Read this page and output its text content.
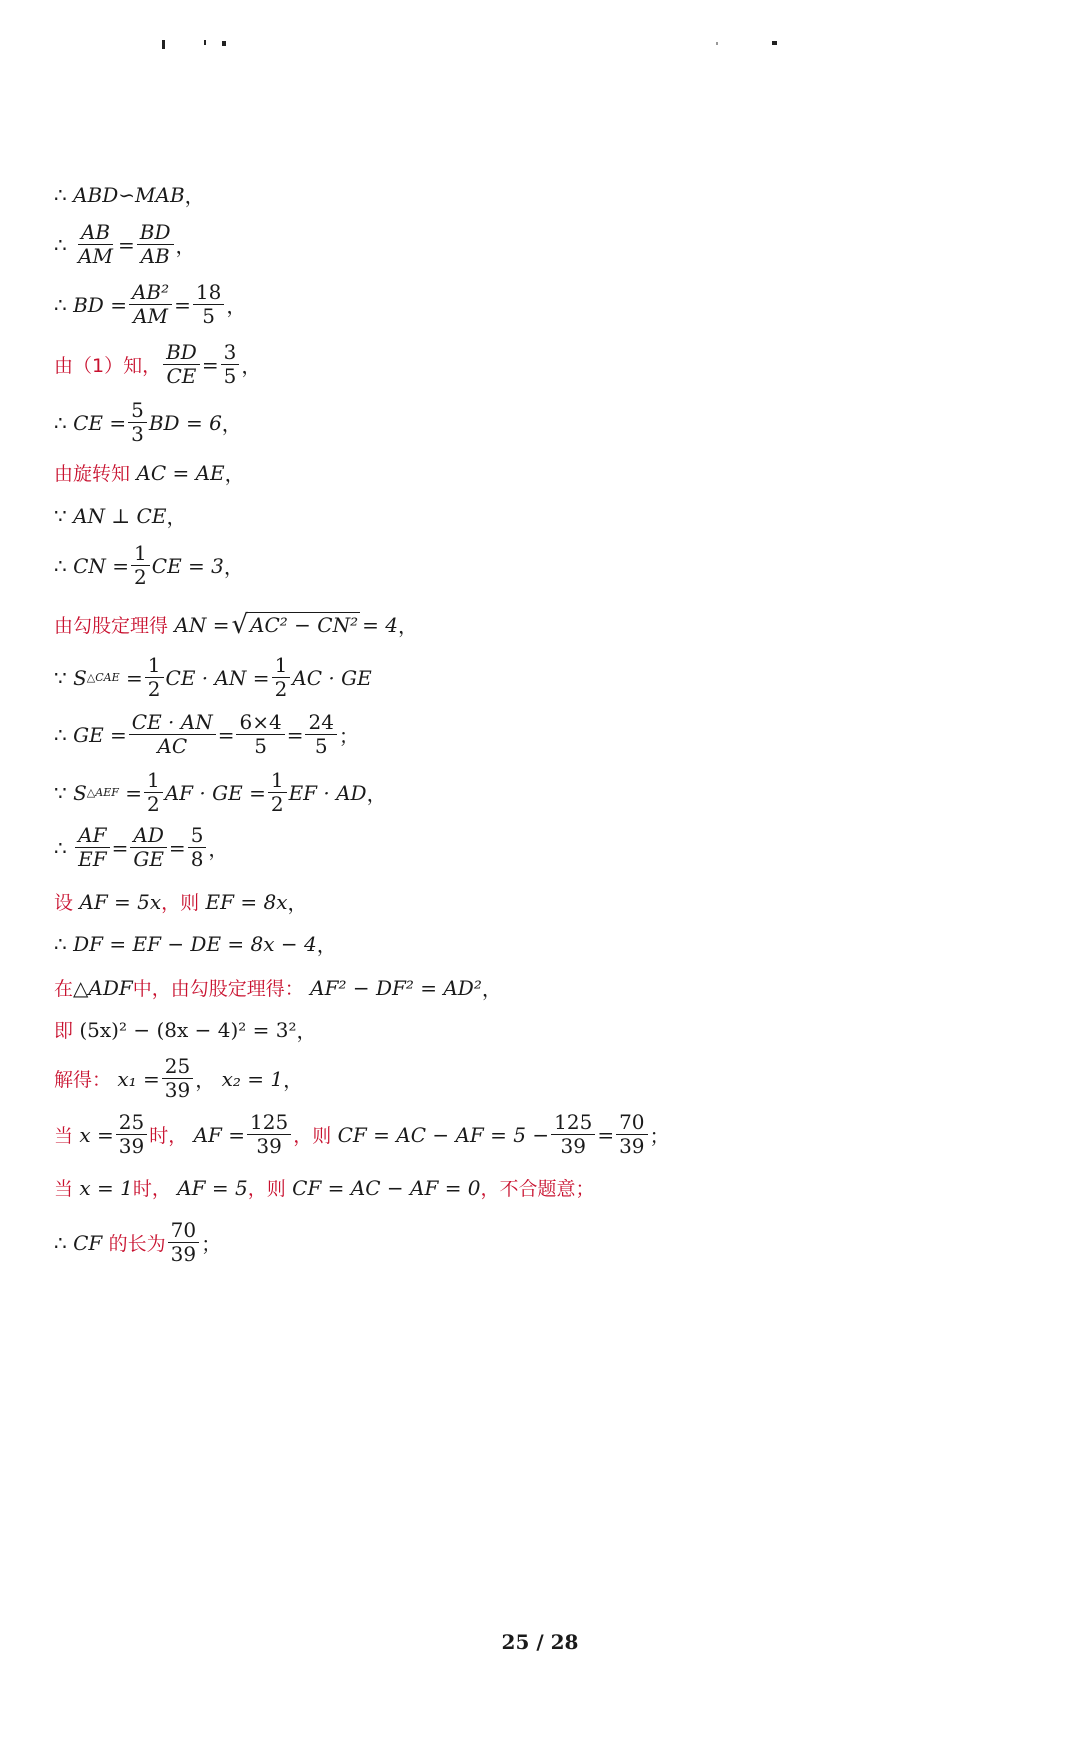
∴
ABD∽MAB ，
∴
$\frac{AB}{AM} = \frac{BD}{AB}$ ，
∴
BD
= $\frac{\text{AB²}}{AM} = \frac{18}{5}$ ，
由（1）知， $\frac{BD}{CE} = \frac{3}{5}$ ，
∴
CE
= $\frac{5}{3}$ BD = 6 ，
由旋转知
AC = AE ，
∵
AN ⊥ CE ，
∴
CN
= $\frac{1}{2}$ CE = 3 ，
由勾股定理得
AN
= √ AC² − CN² = 4 ，
∵
S △CAE
= $\frac{1}{2}$ CE · AN
= $\frac{1}{2}$ AC · GE
∴
GE
= $\frac{CE \cdot AN}{AC} = \frac{6\times 4}{5} = \frac{24}{5}$ ；
∵
S △AEF
= $\frac{1}{2}$ AF · GE
= $\frac{1}{2}$ EF · AD ，
∴
$\frac{AF}{EF} = \frac{AD}{GE} = \frac{5}{8}$ ，
设
AF = 5x ，则
EF = 8x ，
∴
DF = EF − DE = 8x − 4 ，
在 △ADF 中，由勾股定理得：
AF² − DF² = AD² ，
即
(5x)² − (8x − 4)² = 3² ，
解得：
$x_1 = \frac{25}{39}$ ，
x₂ = 1 ，
当
$x = \frac{25}{39}$ 时，
AF = $\frac{125}{39}$ ，则
CF = AC − AF = $5 - \frac{125}{39} = \frac{70}{39}$ ；
当
x = 1 时，
AF = 5 ，则
CF = AC − AF = 0 ，不合题意；
∴
CF
的长为 $\frac{70}{39}$ ；
25 / 28
